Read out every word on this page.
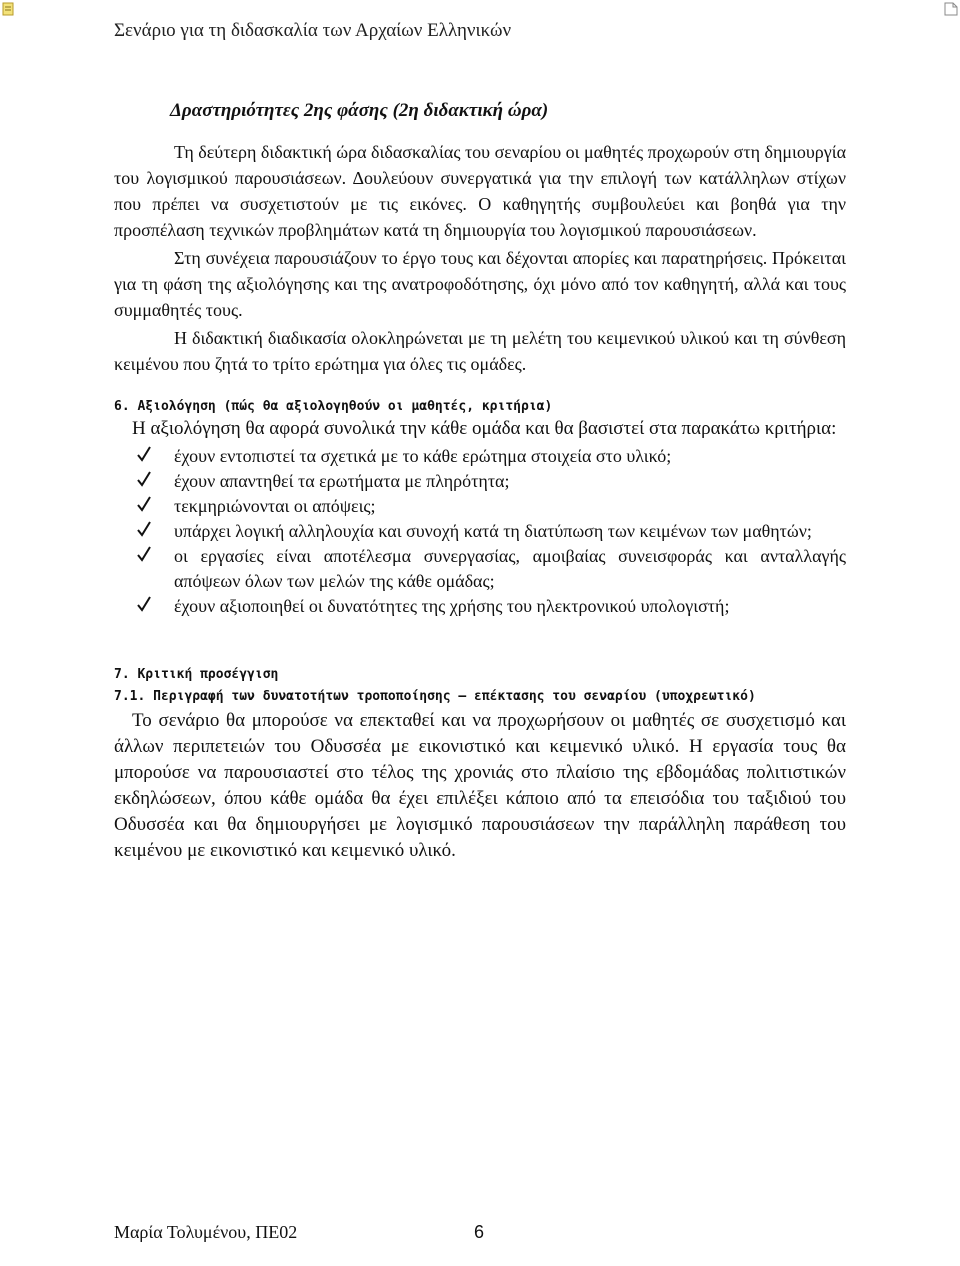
Σενάριο για τη διδασκαλία των Αρχαίων Ελληνικών
Δραστηριότητες 2ης φάσης (2η διδακτική ώρα)

Τη δεύτερη διδακτική ώρα διδασκαλίας του σεναρίου οι μαθητές προχωρούν στη δημιουργία του λογισμικού παρουσιάσεων. Δουλεύουν συνεργατικά για την επιλογή των κατάλληλων στίχων που πρέπει να συσχετιστούν με τις εικόνες. Ο καθηγητής συμβουλεύει και βοηθά για την προσπέλαση τεχνικών προβλημάτων κατά τη δημιουργία του λογισμικού παρουσιάσεων.

Στη συνέχεια παρουσιάζουν το έργο τους και δέχονται απορίες και παρατηρήσεις. Πρόκειται για τη φάση της αξιολόγησης και της ανατροφοδότησης, όχι μόνο από τον καθηγητή, αλλά και τους συμμαθητές τους.

Η διδακτική διαδικασία ολοκληρώνεται με τη μελέτη του κειμενικού υλικού και τη σύνθεση κειμένου που ζητά το τρίτο ερώτημα για όλες τις ομάδες.

6. Αξιολόγηση (πώς θα αξιολογηθούν οι μαθητές, κριτήρια)

Η αξιολόγηση θα αφορά συνολικά την κάθε ομάδα και θα βασιστεί στα παρακάτω κριτήρια:

έχουν εντοπιστεί τα σχετικά με το κάθε ερώτημα στοιχεία στο υλικό;
έχουν απαντηθεί τα ερωτήματα με πληρότητα;
τεκμηριώνονται οι απόψεις;
υπάρχει λογική αλληλουχία και συνοχή κατά τη διατύπωση των κειμένων των μαθητών;
οι εργασίες είναι αποτέλεσμα συνεργασίας, αμοιβαίας συνεισφοράς και ανταλλαγής απόψεων όλων των μελών της κάθε ομάδας;
έχουν αξιοποιηθεί οι δυνατότητες της χρήσης του ηλεκτρονικού υπολογιστή;
7. Κριτική προσέγγιση
7.1. Περιγραφή των δυνατοτήτων τροποποίησης – επέκτασης του σεναρίου (υποχρεωτικό)

Το σενάριο θα μπορούσε να επεκταθεί και να προχωρήσουν οι μαθητές σε συσχετισμό και άλλων περιπετειών του Οδυσσέα με εικονιστικό και κειμενικό υλικό. Η εργασία τους θα μπορούσε να παρουσιαστεί στο τέλος της χρονιάς στο πλαίσιο της εβδομάδας πολιτιστικών εκδηλώσεων, όπου κάθε ομάδα θα έχει επιλέξει κάποιο από τα επεισόδια του ταξιδιού του Οδυσσέα και θα δημιουργήσει με λογισμικό παρουσιάσεων την παράλληλη παράθεση του κειμένου με εικονιστικό και κειμενικό υλικό.

Μαρία Τολυμένου, ΠΕ02	6
